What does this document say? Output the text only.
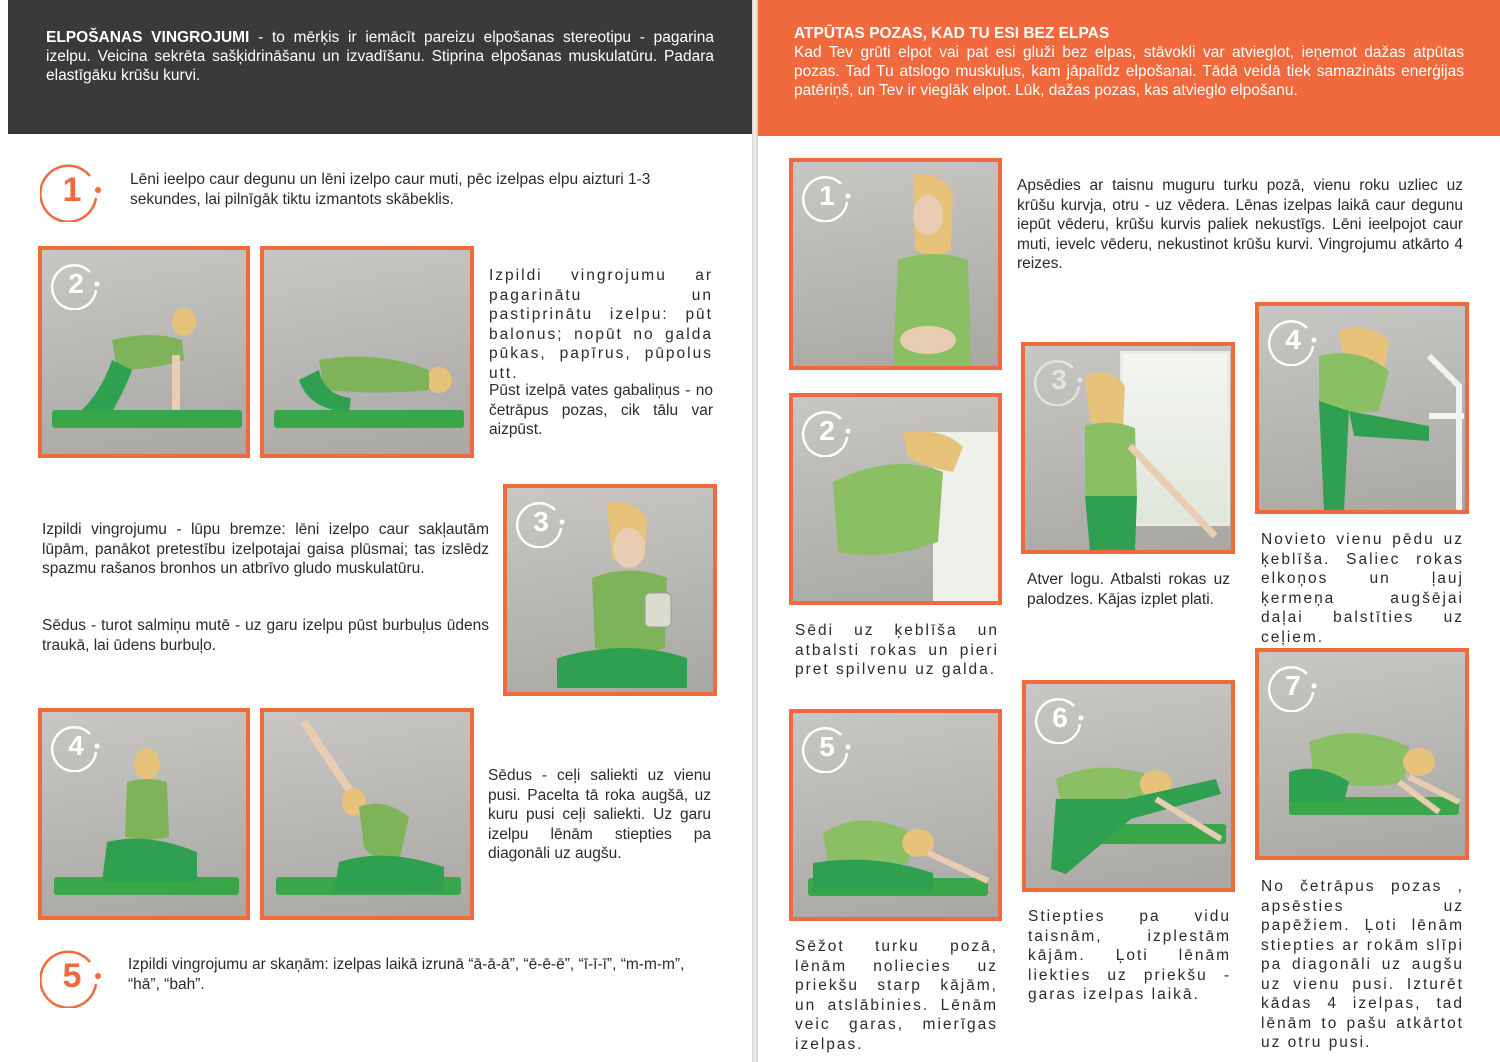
ELPOŠANAS VINGROJUMI - to mērķis ir iemācīt pareizu elpošanas stereotipu - pagarina izelpu. Veicina sekrēta sašķidrināšanu un izvadīšanu. Stiprina elpošanas muskulatūru. Padara elastīgāku krūšu kurvi.
1	Lēni ieelpo caur degunu un lēni izelpo caur muti, pēc izelpas elpu aizturi 1-3 sekundes, lai pilnīgāk tiktu izmantots skābeklis.
2	Izpildi vingrojumu ar pagarinātu un pastiprinātu izelpu: pūt balonus; nopūt no galda pūkas, papīrus, pūpolus utt.
Pūst izelpā vates gabaliņus - no četrāpus pozas, cik tālu var aizpūst.
Izpildi vingrojumu - lūpu bremze: lēni izelpo caur sakļautām lūpām, panākot pretestību izelpotajai gaisa plūsmai; tas izslēdz spazmu rašanos bronhos un atbrīvo gludo muskulatūru.
Sēdus - turot salmiņu mutē - uz garu izelpu pūst burbuļus ūdens traukā, lai ūdens burbuļo.
3
4
Sēdus - ceļi saliekti uz vienu pusi. Pacelta tā roka augšā, uz kuru pusi ceļi saliekti. Uz garu izelpu lēnām stiepties pa diagonāli uz augšu.
5	Izpildi vingrojumu ar skaņām: izelpas laikā izrunā “ā-ā-ā”, “ē-ē-ē”, “ī-ī-ī”, “m-m-m”, “hā”, “bah”.
ATPŪTAS POZAS, KAD TU ESI BEZ ELPAS
Kad Tev grūti elpot vai pat esi gluži bez elpas, stāvokli var atvieglot, ieņemot dažas atpūtas pozas. Tad Tu atslogo muskuļus, kam jāpalīdz elpošanai. Tādā veidā tiek samazināts enerģijas patēriņš, un Tev ir vieglāk elpot. Lūk, dažas pozas, kas atvieglo elpošanu.
1	Apsēdies ar taisnu muguru turku pozā, vienu roku uzliec uz krūšu kurvja, otru - uz vēdera. Lēnas izelpas laikā caur degunu iepūt vēderu, krūšu kurvis paliek nekustīgs. Lēni ieelpojot caur muti, ievelc vēderu, nekustinot krūšu kurvi. Vingrojumu atkārto 4 reizes.
2
Sēdi uz ķeblīša un atbalsti rokas un pieri pret spilvenu uz galda.
3
Atver logu. Atbalsti rokas uz palodzes. Kājas izplet plati.
4
Novieto vienu pēdu uz ķeblīša. Saliec rokas elkoņos un ļauj ķermeņa augšējai daļai balstīties uz ceļiem.
5
Sēžot turku pozā, lēnām noliecies uz priekšu starp kājām, un atslābinies. Lēnām veic garas, mierīgas izelpas.
6
Stiepties pa vidu taisnām, izplestām kājām. Ļoti lēnām liekties uz priekšu - garas izelpas laikā.
7
No četrāpus pozas , apsēsties uz papēžiem. Ļoti lēnām stiepties ar rokām slīpi pa diagonāli uz augšu uz vienu pusi. Izturēt kādas 4 izelpas, tad lēnām to pašu atkārtot uz otru pusi.
